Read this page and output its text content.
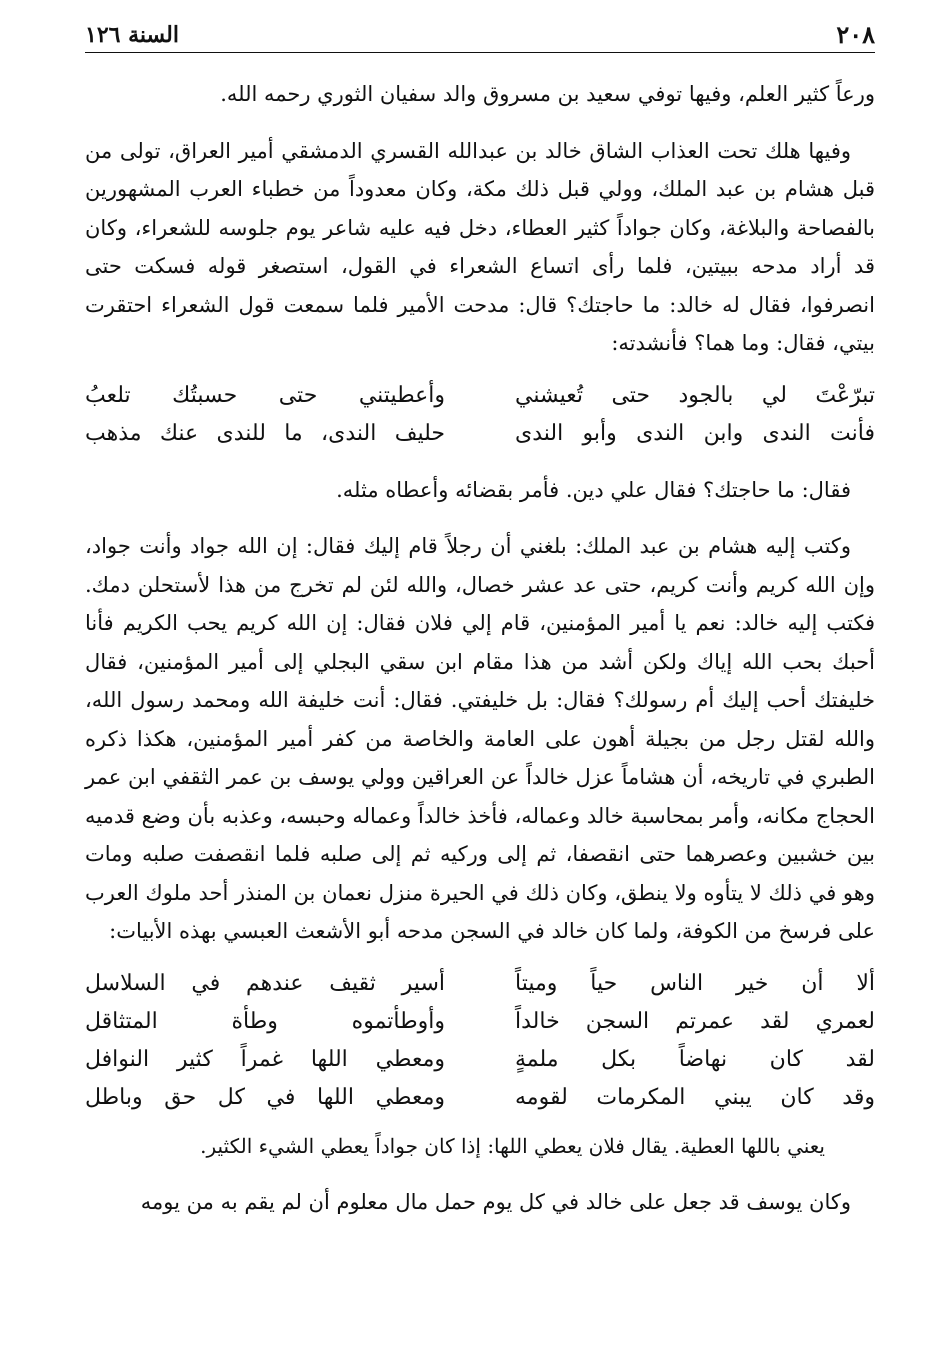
٢٠٨
السنة ١٢٦

ورعاً كثير العلم، وفيها توفي سعيد بن مسروق والد سفيان الثوري رحمه الله.

وفيها هلك تحت العذاب الشاق خالد بن عبدالله القسري الدمشقي أمير العراق، تولى من قبل هشام بن عبد الملك، وولي قبل ذلك مكة، وكان معدوداً من خطباء العرب المشهورين بالفصاحة والبلاغة، وكان جواداً كثير العطاء، دخل فيه عليه شاعر يوم جلوسه للشعراء، وكان قد أراد مدحه ببيتين، فلما رأى اتساع الشعراء في القول، استصغر قوله فسكت حتى انصرفوا، فقال له خالد: ما حاجتك؟ قال: مدحت الأمير فلما سمعت قول الشعراء احتقرت بيتي، فقال: وما هما؟ فأنشدته:

تبرّعْتَ لي بالجود حتى تُعيشني
وأعطيتني حتى حسبتُك تلعبُ
فأنت الندى وابن الندى وأبو الندى
حليف الندى، ما للندى عنك مذهب

فقال: ما حاجتك؟ فقال علي دين. فأمر بقضائه وأعطاه مثله.

وكتب إليه هشام بن عبد الملك: بلغني أن رجلاً قام إليك فقال: إن الله جواد وأنت جواد، وإن الله كريم وأنت كريم، حتى عد عشر خصال، والله لئن لم تخرج من هذا لأستحلن دمك. فكتب إليه خالد: نعم يا أمير المؤمنين، قام إلي فلان فقال: إن الله كريم يحب الكريم فأنا أحبك بحب الله إياك ولكن أشد من هذا مقام ابن سقي البجلي إلى أمير المؤمنين، فقال خليفتك أحب إليك أم رسولك؟ فقال: بل خليفتي. فقال: أنت خليفة الله ومحمد رسول الله، والله لقتل رجل من بجيلة أهون على العامة والخاصة من كفر أمير المؤمنين، هكذا ذكره الطبري في تاريخه، أن هشاماً عزل خالداً عن العراقين وولي يوسف بن عمر الثقفي ابن عمر الحجاج مكانه، وأمر بمحاسبة خالد وعماله، فأخذ خالداً وعماله وحبسه، وعذبه بأن وضع قدميه بين خشبين وعصرهما حتى انقصفا، ثم إلى وركيه ثم إلى صلبه فلما انقصفت صلبه ومات وهو في ذلك لا يتأوه ولا ينطق، وكان ذلك في الحيرة منزل نعمان بن المنذر أحد ملوك العرب على فرسخ من الكوفة، ولما كان خالد في السجن مدحه أبو الأشعث العبسي بهذه الأبيات:

ألا أن خير الناس حياً وميتاً
أسير ثقيف عندهم في السلاسل
لعمري لقد عمرتم السجن خالداً
وأوطأتموه وطأة المتثاقل
لقد كان نهاضاً بكل ملمةٍ
ومعطي اللها غمراً كثير النوافل
وقد كان يبني المكرمات لقومه
ومعطي اللها في كل حق وباطل

يعني باللها العطية. يقال فلان يعطي اللها: إذا كان جواداً يعطي الشيء الكثير.

وكان يوسف قد جعل على خالد في كل يوم حمل مال معلوم أن لم يقم به من يومه
